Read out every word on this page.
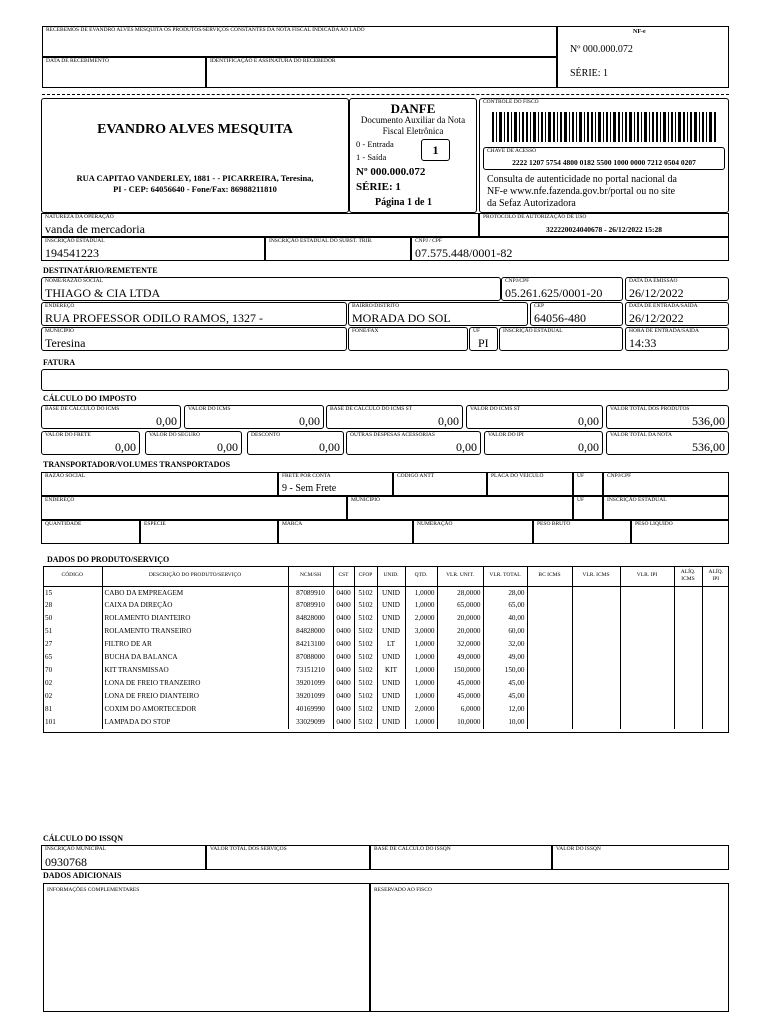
RECEBEMOS DE EVANDRO ALVES MESQUITA OS PRODUTOS/SERVIÇOS CONSTANTES DA NOTA FISCAL INDICADA AO LADO	NF-e
Nº 000.000.072
SÉRIE: 1
DATA DE RECEBIMENTO	IDENTIFICAÇÃO E ASSINATURA DO RECEBEDOR
EVANDRO ALVES MESQUITA
RUA CAPITAO VANDERLEY, 1881 - - PICARREIRA, Teresina,
PI - CEP: 64056640 - Fone/Fax: 86988211810
DANFE
Documento Auxiliar da Nota
Fiscal Eletrônica
0 - Entrada
1 - Saída	1
Nº 000.000.072
SÉRIE: 1
Página 1 de 1
CONTROLE DO FISCO
CHAVE DE ACESSO
2222 1207 5754 4800 0182 5500 1000 0000 7212 0504 0207
Consulta de autenticidade no portal nacional da
NF-e www.nfe.fazenda.gov.br/portal ou no site
da Sefaz Autorizadora
NATUREZA DA OPERAÇÃO
vanda de mercadoria
PROTOCOLO DE AUTORIZAÇÃO DE USO
322220024040678 - 26/12/2022 15:28
INSCRIÇÃO ESTADUAL
194541223
INSCRIÇÃO ESTADUAL DO SUBST. TRIB.	CNPJ / CPF
07.575.448/0001-82
DESTINATÁRIO/REMETENTE
NOME/RAZÃO SOCIAL
THIAGO & CIA LTDA
CNPJ/CPF
05.261.625/0001-20
DATA DA EMISSÃO
26/12/2022
ENDEREÇO
RUA PROFESSOR ODILO RAMOS, 1327 -
BAIRRO/DISTRITO
MORADA DO SOL
CEP
64056-480
DATA DE ENTRADA/SAÍDA
26/12/2022
MUNICÍPIO
Teresina
FONE/FAX	UF
PI
INSCRIÇÃO ESTADUAL	HORA DE ENTRADA/SAÍDA
14:33
FATURA
CÁLCULO DO IMPOSTO
BASE DE CÁLCULO DO ICMS
0,00
VALOR DO ICMS
0,00
BASE DE CÁLCULO DO ICMS ST
0,00
VALOR DO ICMS ST
0,00
VALOR TOTAL DOS PRODUTOS
536,00
VALOR DO FRETE
0,00
VALOR DO SEGURO
0,00
DESCONTO
0,00
OUTRAS DESPESAS ACESSÓRIAS
0,00
VALOR DO IPI
0,00
VALOR TOTAL DA NOTA
536,00
TRANSPORTADOR/VOLUMES TRANSPORTADOS
RAZÃO SOCIAL	FRETE POR CONTA
9 - Sem Frete
CÓDIGO ANTT	PLACA DO VEÍCULO	UF	CNPJ/CPF
ENDEREÇO	MUNICÍPIO	UF	INSCRIÇÃO ESTADUAL
QUANTIDADE	ESPÉCIE	MARCA	NUMERAÇÃO	PESO BRUTO	PESO LÍQUIDO
DADOS DO PRODUTO/SERVIÇO
CÓDIGO	DESCRIÇÃO DO PRODUTO/SERVIÇO	NCM/SH	CST	CFOP	UNID.	QTD.	VLR. UNIT.	VLR. TOTAL	BC ICMS	VLR. ICMS	VLR. IPI	ALÍQ. ICMS	ALÍQ. IPI
15	CABO DA EMPREAGEM	87089910	0400	5102	UNID	1,0000	28,0000	28,00					
28	CAIXA DA DIREÇÃO	87089910	0400	5102	UNID	1,0000	65,0000	65,00					
50	ROLAMENTO DIANTEIRO	84828000	0400	5102	UNID	2,0000	20,0000	40,00					
51	ROLAMENTO TRANSEIRO	84828000	0400	5102	UNID	3,0000	20,0000	60,00					
27	FILTRO DE AR	84213100	0400	5102	LT	1,0000	32,0000	32,00					
65	BUCHA DA BALANCA	87088000	0400	5102	UNID	1,0000	49,0000	49,00					
70	KIT TRANSMISSAO	73151210	0400	5102	KIT	1,0000	150,0000	150,00					
02	LONA DE FREIO TRANZEIRO	39201099	0400	5102	UNID	1,0000	45,0000	45,00					
02	LONA DE FREIO DIANTEIRO	39201099	0400	5102	UNID	1,0000	45,0000	45,00					
81	COXIM DO AMORTECEDOR	40169990	0400	5102	UNID	2,0000	6,0000	12,00					
101	LAMPADA DO STOP	33029099	0400	5102	UNID	1,0000	10,0000	10,00					
CÁLCULO DO ISSQN
INSCRIÇÃO MUNICIPAL
0930768
VALOR TOTAL DOS SERVIÇOS	BASE DE CÁLCULO DO ISSQN	VALOR DO ISSQN
DADOS ADICIONAIS
INFORMAÇÕES COMPLEMENTARES	RESERVADO AO FISCO
